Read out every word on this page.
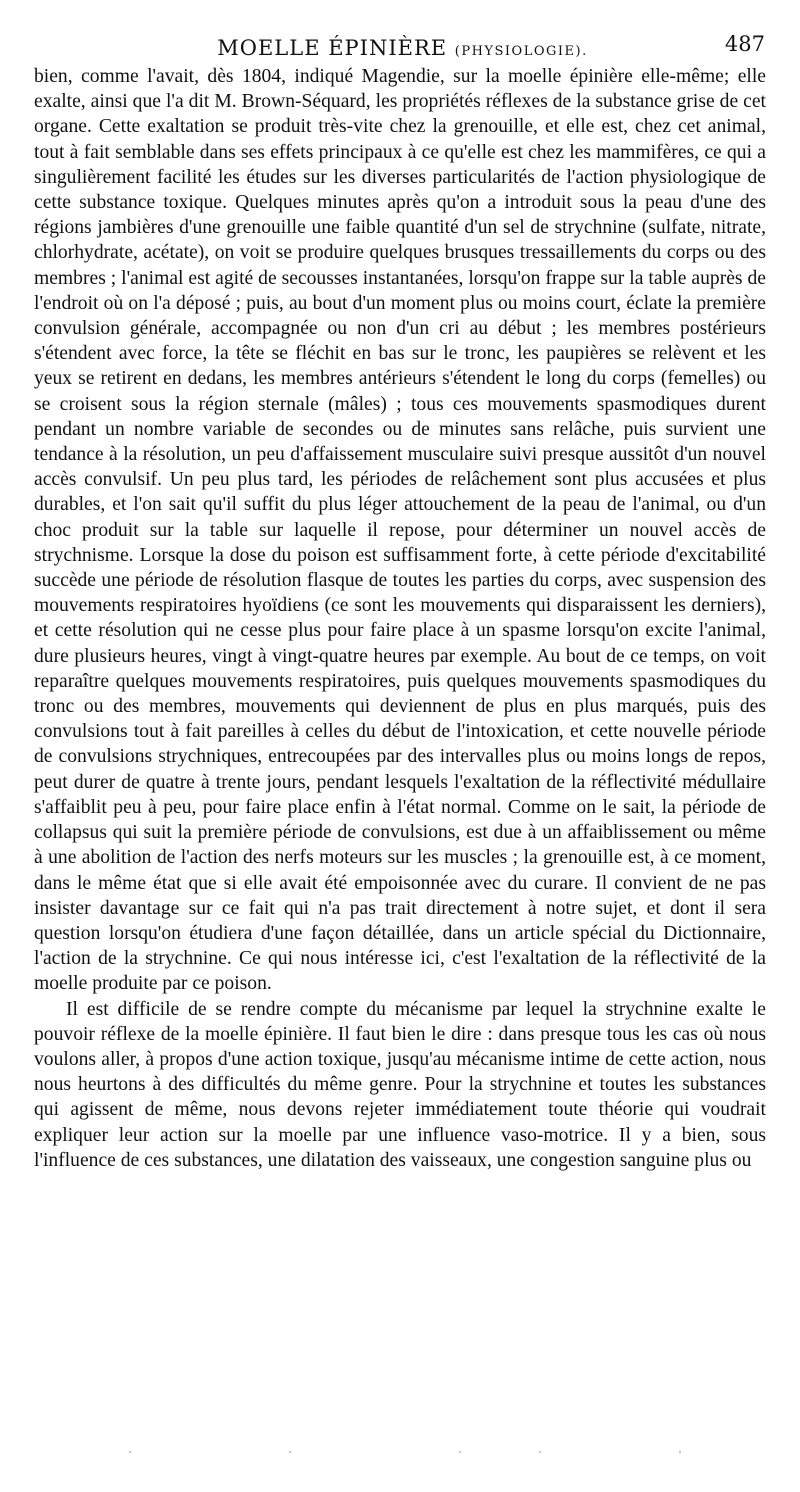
MOELLE ÉPINIÈRE (PHYSIOLOGIE).	487

bien, comme l'avait, dès 1804, indiqué Magendie, sur la moelle épinière elle-même; elle exalte, ainsi que l'a dit M. Brown-Séquard, les propriétés réflexes de la substance grise de cet organe. Cette exaltation se produit très-vite chez la grenouille, et elle est, chez cet animal, tout à fait semblable dans ses effets principaux à ce qu'elle est chez les mammifères, ce qui a singulièrement facilité les études sur les diverses particularités de l'action physiologique de cette substance toxique. Quelques minutes après qu'on a introduit sous la peau d'une des régions jambières d'une grenouille une faible quantité d'un sel de strychnine (sulfate, nitrate, chlorhydrate, acétate), on voit se produire quelques brusques tressaillements du corps ou des membres ; l'animal est agité de secousses instantanées, lorsqu'on frappe sur la table auprès de l'endroit où on l'a déposé ; puis, au bout d'un moment plus ou moins court, éclate la première convulsion générale, accompagnée ou non d'un cri au début ; les membres postérieurs s'étendent avec force, la tête se fléchit en bas sur le tronc, les paupières se relèvent et les yeux se retirent en dedans, les membres antérieurs s'étendent le long du corps (femelles) ou se croisent sous la région sternale (mâles) ; tous ces mouvements spasmodiques durent pendant un nombre variable de secondes ou de minutes sans relâche, puis survient une tendance à la résolution, un peu d'affaissement musculaire suivi presque aussitôt d'un nouvel accès convulsif. Un peu plus tard, les périodes de relâchement sont plus accusées et plus durables, et l'on sait qu'il suffit du plus léger attouchement de la peau de l'animal, ou d'un choc produit sur la table sur laquelle il repose, pour déterminer un nouvel accès de strychnisme. Lorsque la dose du poison est suffisamment forte, à cette période d'excitabilité succède une période de résolution flasque de toutes les parties du corps, avec suspension des mouvements respiratoires hyoïdiens (ce sont les mouvements qui disparaissent les derniers), et cette résolution qui ne cesse plus pour faire place à un spasme lorsqu'on excite l'animal, dure plusieurs heures, vingt à vingt-quatre heures par exemple. Au bout de ce temps, on voit reparaître quelques mouvements respiratoires, puis quelques mouvements spasmodiques du tronc ou des membres, mouvements qui deviennent de plus en plus marqués, puis des convulsions tout à fait pareilles à celles du début de l'intoxication, et cette nouvelle période de convulsions strychniques, entrecoupées par des intervalles plus ou moins longs de repos, peut durer de quatre à trente jours, pendant lesquels l'exaltation de la réflectivité médullaire s'affaiblit peu à peu, pour faire place enfin à l'état normal. Comme on le sait, la période de collapsus qui suit la première période de convulsions, est due à un affaiblissement ou même à une abolition de l'action des nerfs moteurs sur les muscles ; la grenouille est, à ce moment, dans le même état que si elle avait été empoisonnée avec du curare. Il convient de ne pas insister davantage sur ce fait qui n'a pas trait directement à notre sujet, et dont il sera question lorsqu'on étudiera d'une façon détaillée, dans un article spécial du Dictionnaire, l'action de la strychnine. Ce qui nous intéresse ici, c'est l'exaltation de la réflectivité de la moelle produite par ce poison.

Il est difficile de se rendre compte du mécanisme par lequel la strychnine exalte le pouvoir réflexe de la moelle épinière. Il faut bien le dire : dans presque tous les cas où nous voulons aller, à propos d'une action toxique, jusqu'au mécanisme intime de cette action, nous nous heurtons à des difficultés du même genre. Pour la strychnine et toutes les substances qui agissent de même, nous devons rejeter immédiatement toute théorie qui voudrait expliquer leur action sur la moelle par une influence vaso-motrice. Il y a bien, sous l'influence de ces substances, une dilatation des vaisseaux, une congestion sanguine plus ou
